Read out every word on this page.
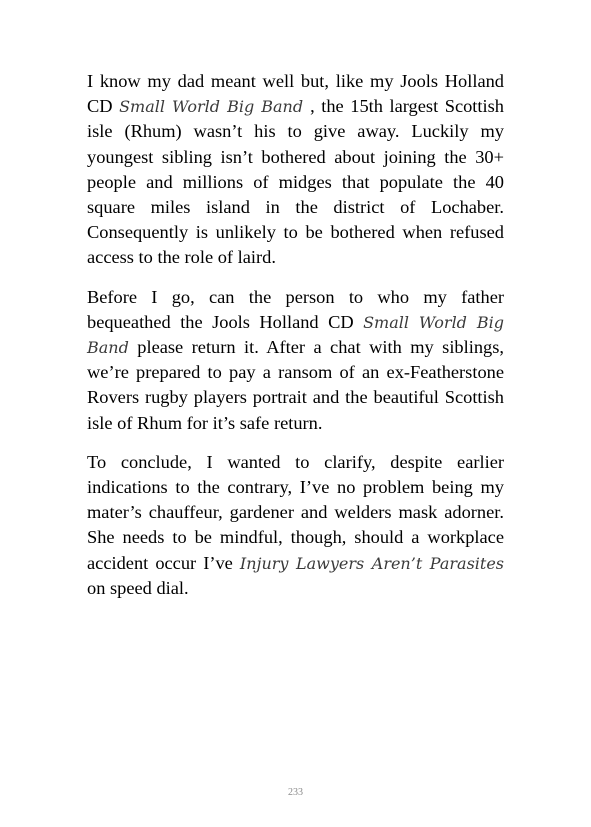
I know my dad meant well but, like my Jools Holland CD Small World Big Band , the 15th largest Scottish isle (Rhum) wasn’t his to give away. Luckily my youngest sibling isn’t bothered about joining the 30+ people and millions of midges that populate the 40 square miles island in the district of Lochaber. Consequently is unlikely to be bothered when refused access to the role of laird.

Before I go, can the person to who my father bequeathed the Jools Holland CD Small World Big Band please return it. After a chat with my siblings, we’re prepared to pay a ransom of an ex-Featherstone Rovers rugby players portrait and the beautiful Scottish isle of Rhum for it’s safe return.

To conclude, I wanted to clarify, despite earlier indications to the contrary, I’ve no problem being my mater’s chauffeur, gardener and welders mask adorner. She needs to be mindful, though, should a workplace accident occur I’ve Injury Lawyers Aren’t Parasites on speed dial.

233
